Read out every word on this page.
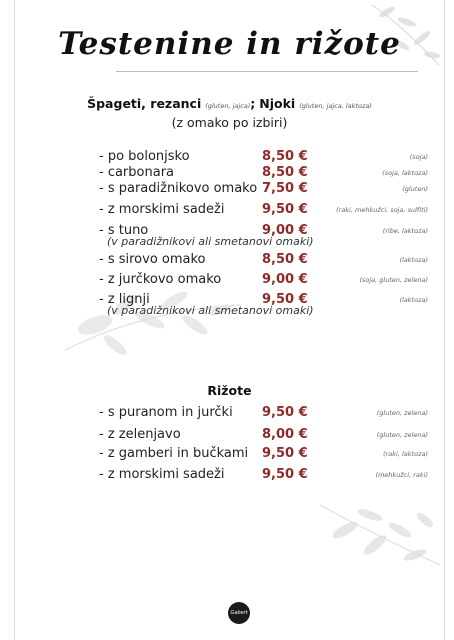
Testenine in rižote
Špageti, rezanci (gluten, jajca); Njoki (gluten, jajca, laktoza)
(z omako po izbiri)
- po bolonjsko	8,50 €	(soja)
- carbonara	8,50 €	(soja, laktoza)
- s paradižnikovo omako 7,50 €	(gluten)
- z morskimi sadeži	9,50 €	(raki, mehkužci, soja, sulfiti)
- s tuno	9,00 €	(ribe, laktoza)
(v paradižnikovi ali smetanovi omaki)
- s sirovo omako	8,50 €	(laktoza)
- z jurčkovo omako	9,00 €	(soja, gluten, zelena)
- z lignji	9,50 €	(laktoza)
(v paradižnikovi ali smetanovi omaki)
Rižote
- s puranom in jurčki 9,50 €	(gluten, zelena)
- z zelenjavo	8,00 €	(gluten, zelena)
- z gamberi in bučkami 9,50 €	(raki, laktoza)
- z morskimi sadeži	9,50 €	(mehkužci, raki)
Gabert
